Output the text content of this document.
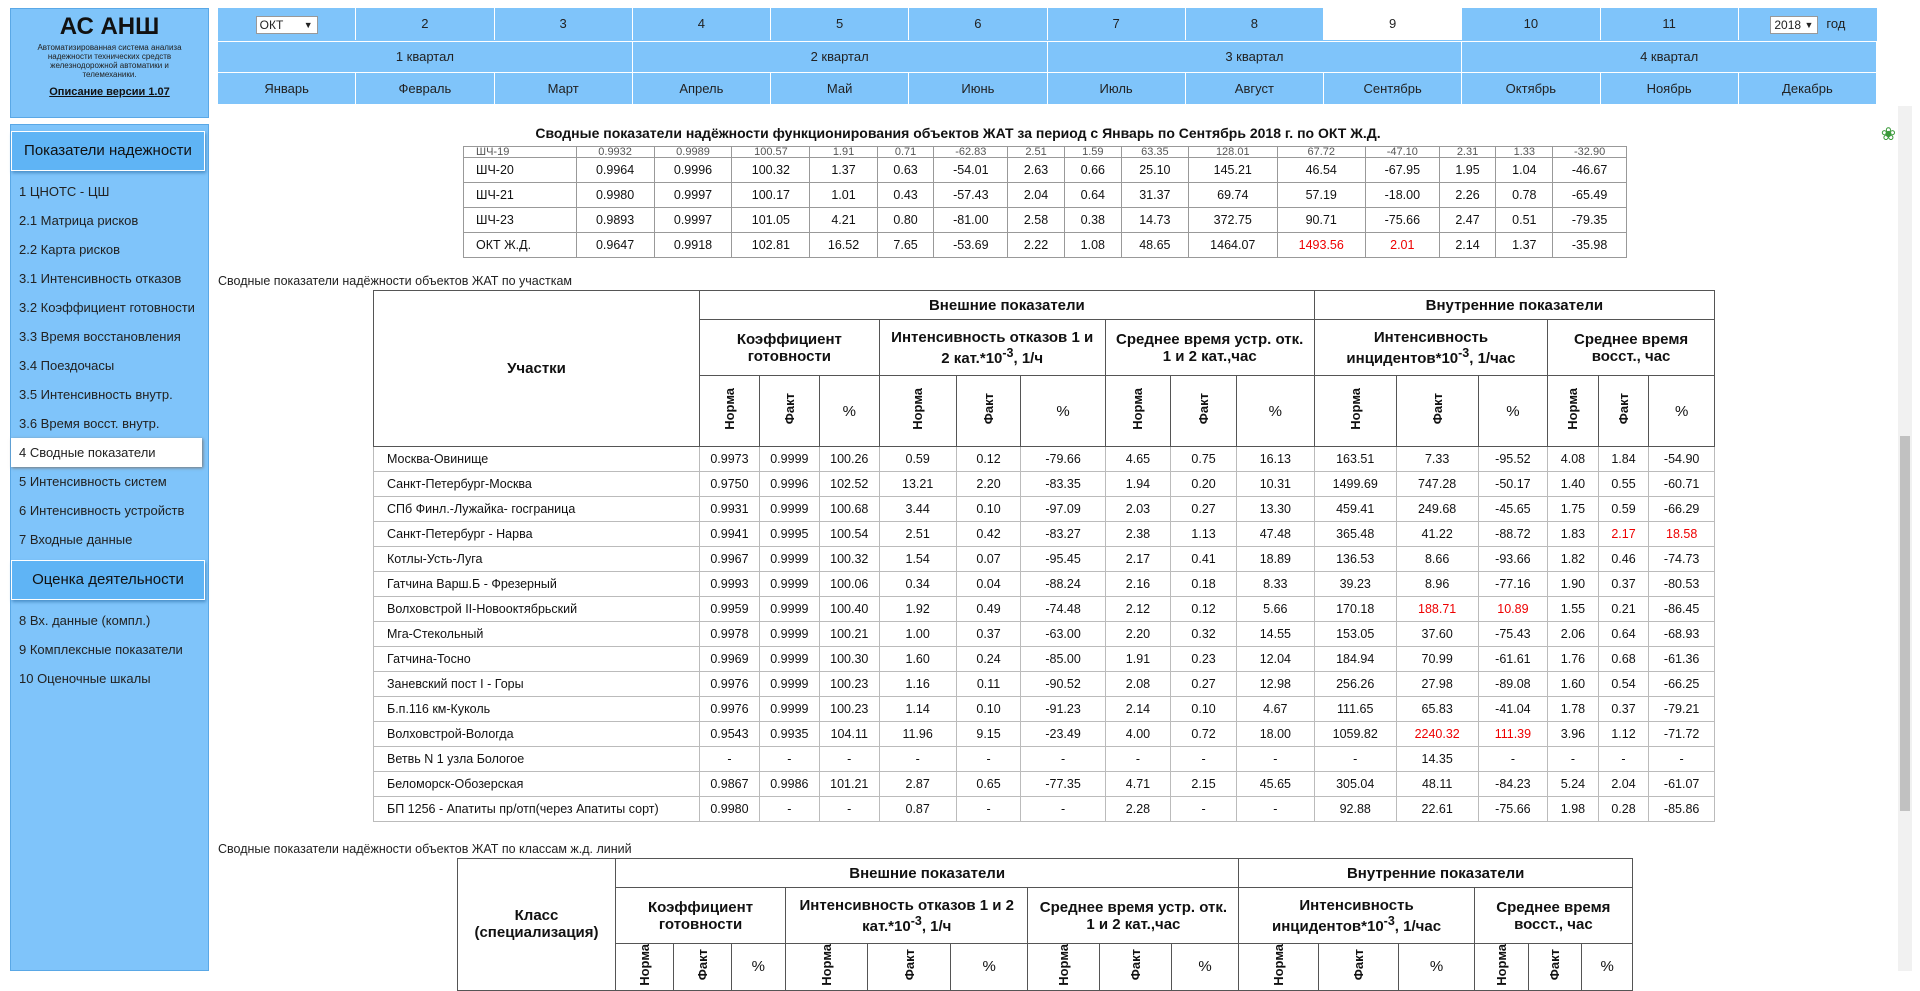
АС АНШ
Автоматизированная система анализа надежности технических средств железнодорожной автоматики и телемеханики.
Описание версии 1.07
Показатели надежности
1 ЦНОТС - ЦШ
2.1 Матрица рисков
2.2 Карта рисков
3.1 Интенсивность отказов
3.2 Коэффициент готовности
3.3 Время восстановления
3.4 Поездочасы
3.5 Интенсивность внутр.
3.6 Время восст. внутр.
4 Сводные показатели
5 Интенсивность систем
6 Интенсивность устройств
7 Входные данные
Оценка деятельности
8 Вх. данные (компл.)
9 Комплексные показатели
10 Оценочные шкалы
ОКТ ▼	2	3	4	5	6	7	8	9	10	11	2018 ▼ год
1 квартал	2 квартал	3 квартал	4 квартал
Январь	Февраль	Март	Апрель	Май	Июнь	Июль	Август	Сентябрь	Октябрь	Ноябрь	Декабрь
Сводные показатели надёжности функционирования объектов ЖАТ за период с Январь по Сентябрь 2018 г. по ОКТ Ж.Д.	❀
ШЧ-19	0.9932	0.9989	100.57	1.91	0.71	-62.83	2.51	1.59	63.35	128.01	67.72	-47.10	2.31	1.33	-32.90
ШЧ-20	0.9964	0.9996	100.32	1.37	0.63	-54.01	2.63	0.66	25.10	145.21	46.54	-67.95	1.95	1.04	-46.67
ШЧ-21	0.9980	0.9997	100.17	1.01	0.43	-57.43	2.04	0.64	31.37	69.74	57.19	-18.00	2.26	0.78	-65.49
ШЧ-23	0.9893	0.9997	101.05	4.21	0.80	-81.00	2.58	0.38	14.73	372.75	90.71	-75.66	2.47	0.51	-79.35
ОКТ Ж.Д.	0.9647	0.9918	102.81	16.52	7.65	-53.69	2.22	1.08	48.65	1464.07	1493.56	2.01	2.14	1.37	-35.98
Сводные показатели надёжности объектов ЖАТ по участкам
Участки	Внешние показатели									Внутренние показатели					
	Коэффициент готовности			Интенсивность отказов 1 и 2 $кат.*10^{-3}$, 1/ч			Среднее время устр. отк. 1 и 2 кат.,час			Интенсивность $инцидентов*10^{-3}$, 1/час			Среднее время восст., час		
	Норма	Факт	%	Норма	Факт	%	Норма	Факт	%	Норма	Факт	%	Норма	Факт	%
Москва-Овинище	0.9973	0.9999	100.26	0.59	0.12	-79.66	4.65	0.75	16.13	163.51	7.33	-95.52	4.08	1.84	-54.90
Санкт-Петербург-Москва	0.9750	0.9996	102.52	13.21	2.20	-83.35	1.94	0.20	10.31	1499.69	747.28	-50.17	1.40	0.55	-60.71
СПб Финл.-Лужайка- госграница	0.9931	0.9999	100.68	3.44	0.10	-97.09	2.03	0.27	13.30	459.41	249.68	-45.65	1.75	0.59	-66.29
Санкт-Петербург - Нарва	0.9941	0.9995	100.54	2.51	0.42	-83.27	2.38	1.13	47.48	365.48	41.22	-88.72	1.83	2.17	18.58
Котлы-Усть-Луга	0.9967	0.9999	100.32	1.54	0.07	-95.45	2.17	0.41	18.89	136.53	8.66	-93.66	1.82	0.46	-74.73
Гатчина Варш.Б - Фрезерный	0.9993	0.9999	100.06	0.34	0.04	-88.24	2.16	0.18	8.33	39.23	8.96	-77.16	1.90	0.37	-80.53
Волховстрой II-Новооктябрьский	0.9959	0.9999	100.40	1.92	0.49	-74.48	2.12	0.12	5.66	170.18	188.71	10.89	1.55	0.21	-86.45
Мга-Стекольный	0.9978	0.9999	100.21	1.00	0.37	-63.00	2.20	0.32	14.55	153.05	37.60	-75.43	2.06	0.64	-68.93
Гатчина-Тосно	0.9969	0.9999	100.30	1.60	0.24	-85.00	1.91	0.23	12.04	184.94	70.99	-61.61	1.76	0.68	-61.36
Заневский пост I - Горы	0.9976	0.9999	100.23	1.16	0.11	-90.52	2.08	0.27	12.98	256.26	27.98	-89.08	1.60	0.54	-66.25
Б.п.116 км-Куколь	0.9976	0.9999	100.23	1.14	0.10	-91.23	2.14	0.10	4.67	111.65	65.83	-41.04	1.78	0.37	-79.21
Волховстрой-Вологда	0.9543	0.9935	104.11	11.96	9.15	-23.49	4.00	0.72	18.00	1059.82	2240.32	111.39	3.96	1.12	-71.72
Ветвь N 1 узла Бологое	-	-	-	-	-	-	-	-	-	-	14.35	-	-	-	-
Беломорск-Обозерская	0.9867	0.9986	101.21	2.87	0.65	-77.35	4.71	2.15	45.65	305.04	48.11	-84.23	5.24	2.04	-61.07
БП 1256 - Апатиты пр/отп(через Апатиты сорт)	0.9980	-	-	0.87	-	-	2.28	-	-	92.88	22.61	-75.66	1.98	0.28	-85.86
Сводные показатели надёжности объектов ЖАТ по классам ж.д. линий
Класс (специализация)	Внешние показатели									Внутренние показатели					
	Коэффициент готовности			Интенсивность отказов 1 и 2 $кат.*10^{-3}$, 1/ч			Среднее время устр. отк. 1 и 2 кат.,час			Интенсивность $инцидентов*10^{-3}$, 1/час			Среднее время восст., час		
	Норма	Факт	%	Норма	Факт	%	Норма	Факт	%	Норма	Факт	%	Норма	Факт	%
